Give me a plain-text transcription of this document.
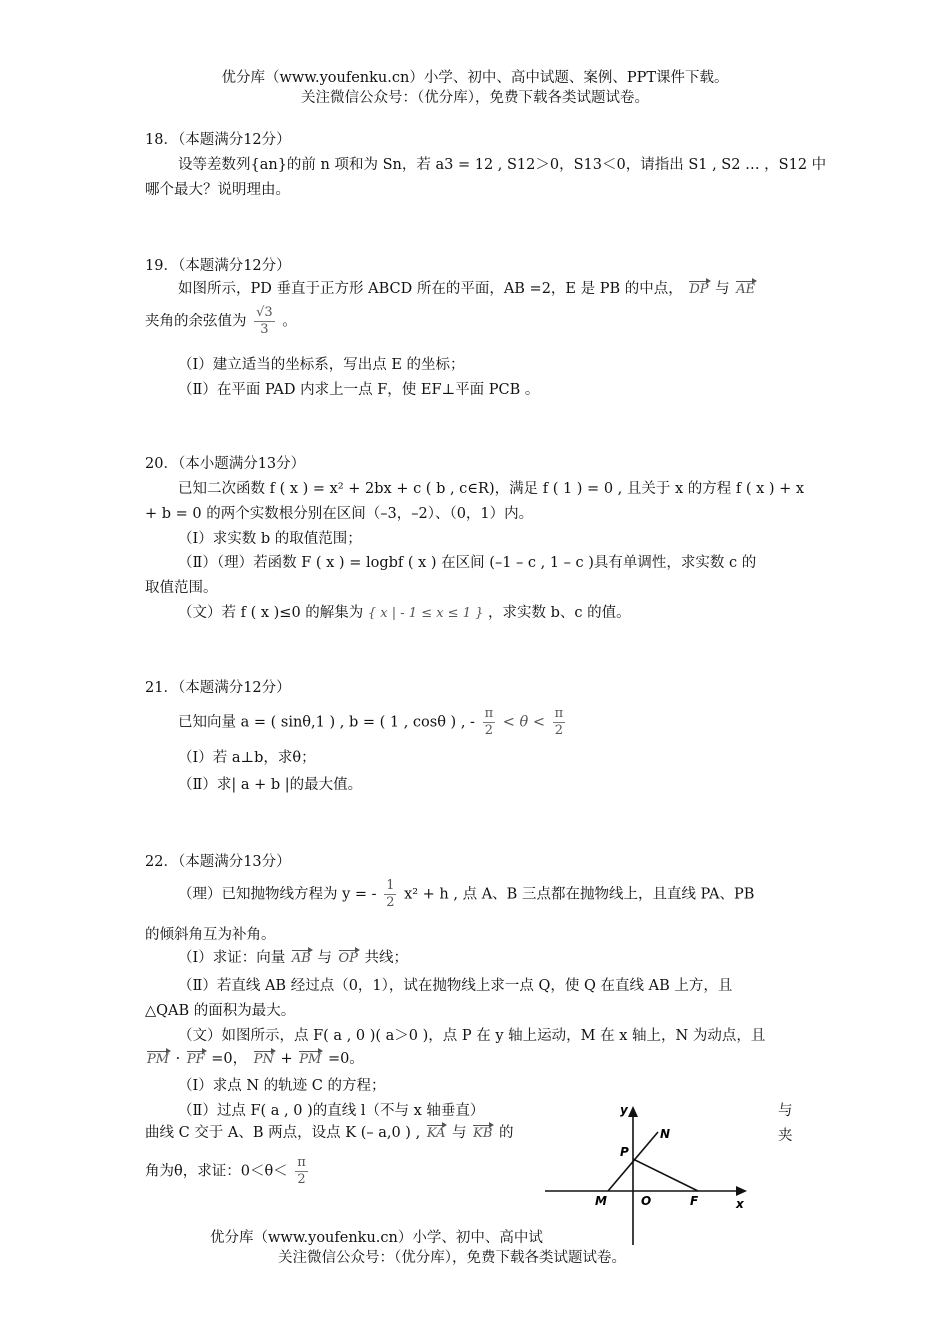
优分库（www.youfenku.cn）小学、初中、高中试题、案例、PPT课件下载。
关注微信公众号：（优分库），免费下载各类试题试卷。
18．（本题满分12分）
设等差数列{an}的前 n 项和为 Sn，若 a3 = 12 , S12＞0，S13＜0，请指出 S1 , S2 … ，S12 中
哪个最大？说明理由。
19．（本题满分12分）
如图所示，PD 垂直于正方形 ABCD 所在的平面，AB =2，E 是 PB 的中点， DP 与 AE
夹角的余弦值为 $\frac{√3}{3}$ 。
（Ⅰ）建立适当的坐标系，写出点 E 的坐标；
（Ⅱ）在平面 PAD 内求上一点 F，使 EF⊥平面 PCB 。
20．（本小题满分13分）
已知二次函数 f ( x ) = x² + 2bx + c ( b , c∈R)，满足 f ( 1 ) = 0 , 且关于 x 的方程 f ( x ) + x
+ b = 0 的两个实数根分别在区间（–3，–2）、（0，1）内。
（Ⅰ）求实数 b 的取值范围；
（Ⅱ）（理）若函数 F ( x ) = logbf ( x ) 在区间 (–1 – c , 1 – c )具有单调性，求实数 c 的
取值范围。
（文）若 f ( x )≤0 的解集为 { x | - 1 ≤ x ≤ 1 } ，求实数 b、c 的值。
21．（本题满分12分）
已知向量 a = ( sinθ,1 ) , b = ( 1 , cosθ ) , - $\frac{\pi}{2} < \theta < \frac{\pi}{2}$
（Ⅰ）若 a⊥b，求θ；
（Ⅱ）求| a + b |的最大值。
22．（本题满分13分）
（理）已知抛物线方程为 y = - $\frac{1}{2} x^2 + h$ , 点 A、B 三点都在抛物线上，且直线 PA、PB
的倾斜角互为补角。
（Ⅰ）求证：向量 AB 与 OP 共线；
（Ⅱ）若直线 AB 经过点（0，1），试在抛物线上求一点 Q，使 Q 在直线 AB 上方，且
△QAB 的面积为最大。
（文）如图所示，点 F( a , 0 )( a＞0 )，点 P 在 y 轴上运动，M 在 x 轴上，N 为动点，且
PM · PF =0， PN + PM =0。
（Ⅰ）求点 N 的轨迹 C 的方程；
（Ⅱ）过点 F( a , 0 )的直线 l（不与 x 轴垂直）	与
曲线 C 交于 A、B 两点，设点 K (– a,0 ) , KA 与 KB 的	夹
角为θ，求证：$0<\theta< \frac{\pi}{2}$
y
x
P
N
M	O	F
优分库（www.youfenku.cn）小学、初中、高中试
关注微信公众号：（优分库），免费下载各类试题试卷。
